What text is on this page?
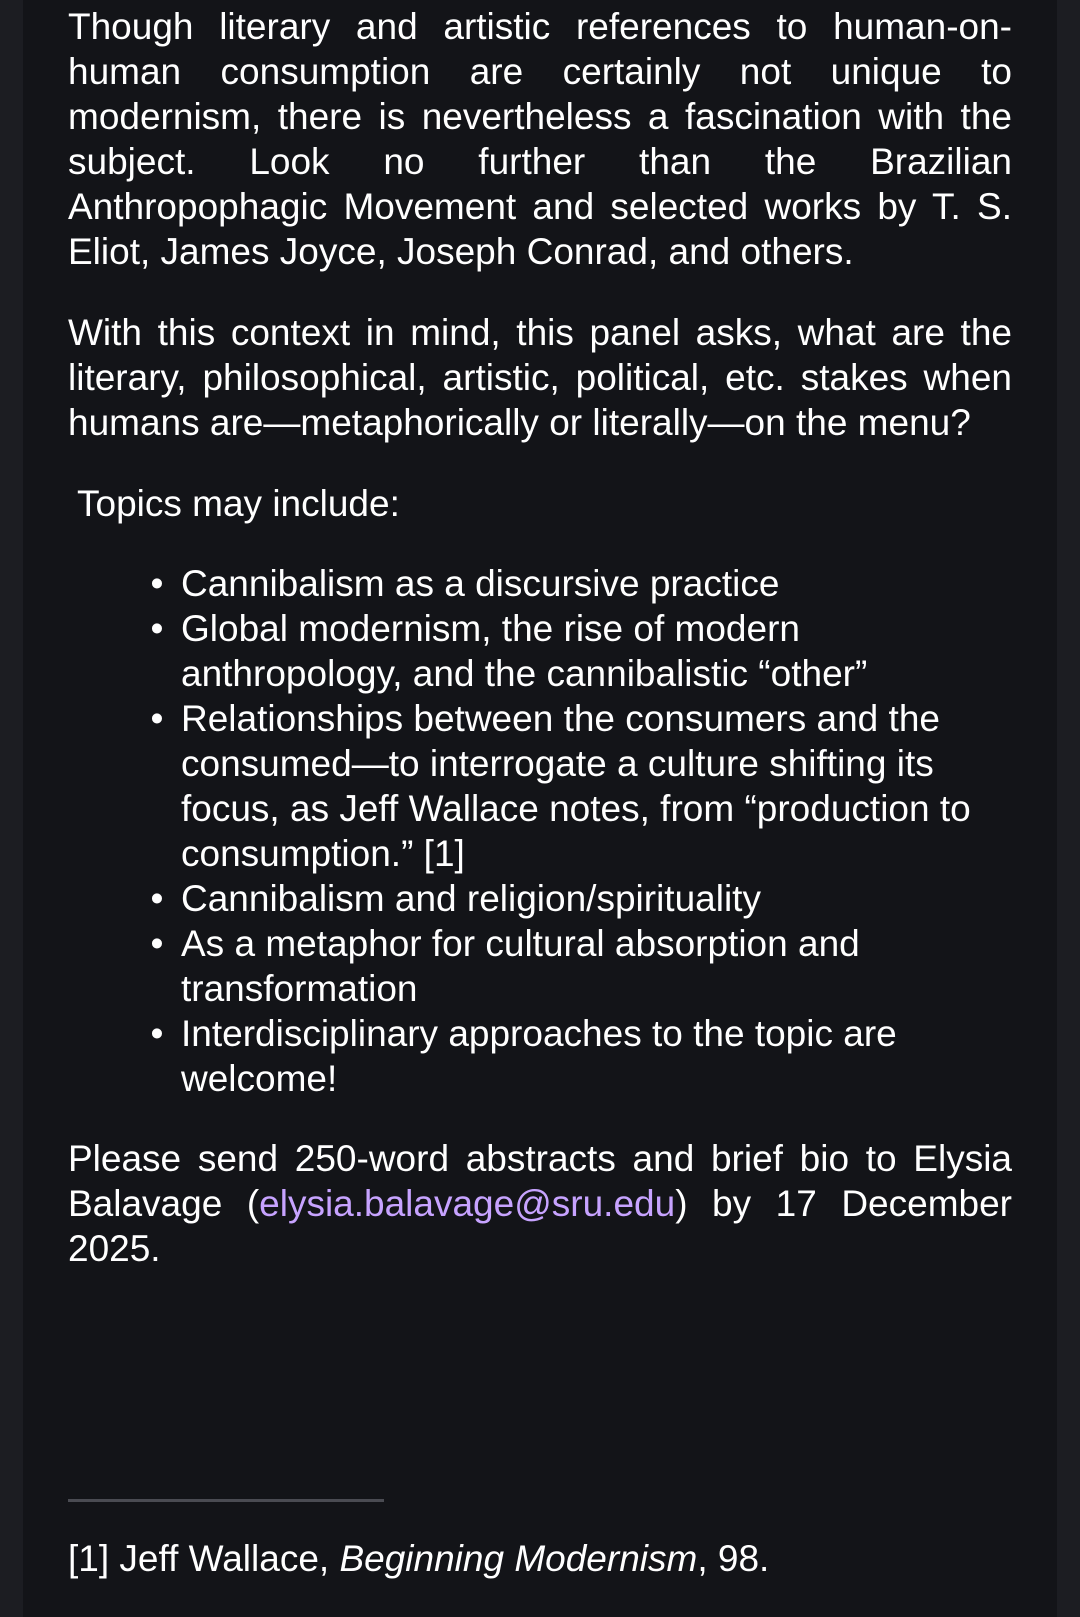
Though literary and artistic references to human-on-human consumption are certainly not unique to modernism, there is nevertheless a fascination with the subject. Look no further than the Brazilian Anthropophagic Movement and selected works by T. S. Eliot, James Joyce, Joseph Conrad, and others.

With this context in mind, this panel asks, what are the literary, philosophical, artistic, political, etc. stakes when humans are—metaphorically or literally—on the menu?

Topics may include:

• Cannibalism as a discursive practice
• Global modernism, the rise of modern anthropology, and the cannibalistic “other”
• Relationships between the consumers and the consumed—to interrogate a culture shifting its focus, as Jeff Wallace notes, from “production to consumption.” [1]
• Cannibalism and religion/spirituality
• As a metaphor for cultural absorption and transformation
• Interdisciplinary approaches to the topic are welcome!

Please send 250-word abstracts and brief bio to Elysia Balavage (elysia.balavage@sru.edu) by 17 December 2025.

[1] Jeff Wallace, Beginning Modernism, 98.
